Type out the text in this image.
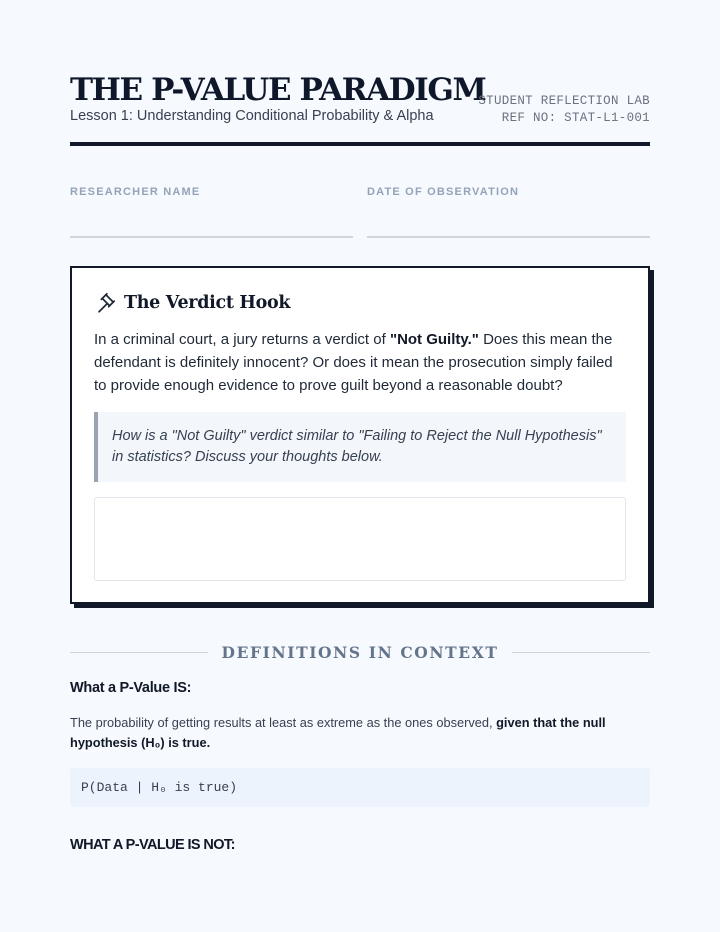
THE P-VALUE PARADIGM
Lesson 1: Understanding Conditional Probability & Alpha
STUDENT REFLECTION LAB
REF NO: STAT-L1-001
RESEARCHER NAME	DATE OF OBSERVATION
The Verdict Hook

In a criminal court, a jury returns a verdict of "Not Guilty." Does this mean the defendant is definitely innocent? Or does it mean the prosecution simply failed to provide enough evidence to prove guilt beyond a reasonable doubt?

How is a "Not Guilty" verdict similar to "Failing to Reject the Null Hypothesis" in statistics? Discuss your thoughts below.
DEFINITIONS IN CONTEXT
What a P-Value IS:

The probability of getting results at least as extreme as the ones observed, given that the null hypothesis (H₀) is true.

P(Data | H₀ is true)
WHAT A P-VALUE IS NOT:
